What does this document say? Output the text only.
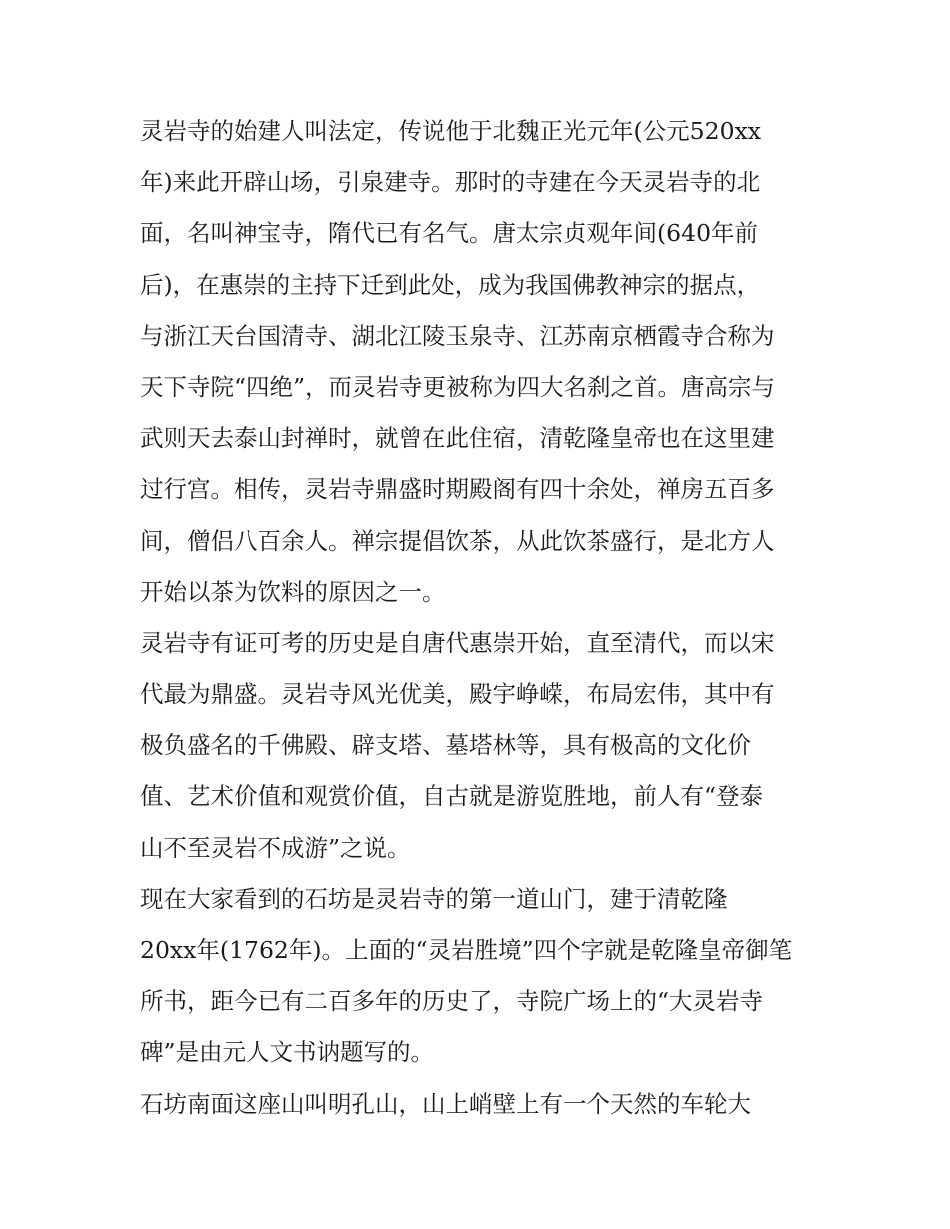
灵岩寺的始建人叫法定，传说他于北魏正光元年(公元520xx
年)来此开辟山场，引泉建寺。那时的寺建在今天灵岩寺的北
面，名叫神宝寺，隋代已有名气。唐太宗贞观年间(640年前
后)，在惠崇的主持下迁到此处，成为我国佛教神宗的据点，
与浙江天台国清寺、湖北江陵玉泉寺、江苏南京栖霞寺合称为
天下寺院“四绝”，而灵岩寺更被称为四大名刹之首。唐高宗与
武则天去泰山封禅时，就曾在此住宿，清乾隆皇帝也在这里建
过行宫。相传，灵岩寺鼎盛时期殿阁有四十余处，禅房五百多
间，僧侣八百余人。禅宗提倡饮茶，从此饮茶盛行，是北方人
开始以茶为饮料的原因之一。
灵岩寺有证可考的历史是自唐代惠崇开始，直至清代，而以宋
代最为鼎盛。灵岩寺风光优美，殿宇峥嵘，布局宏伟，其中有
极负盛名的千佛殿、辟支塔、墓塔林等，具有极高的文化价
值、艺术价值和观赏价值，自古就是游览胜地，前人有“登泰
山不至灵岩不成游”之说。
现在大家看到的石坊是灵岩寺的第一道山门，建于清乾隆
20xx年(1762年)。上面的“灵岩胜境”四个字就是乾隆皇帝御笔
所书，距今已有二百多年的历史了，寺院广场上的“大灵岩寺
碑”是由元人文书讷题写的。
石坊南面这座山叫明孔山，山上峭壁上有一个天然的车轮大
